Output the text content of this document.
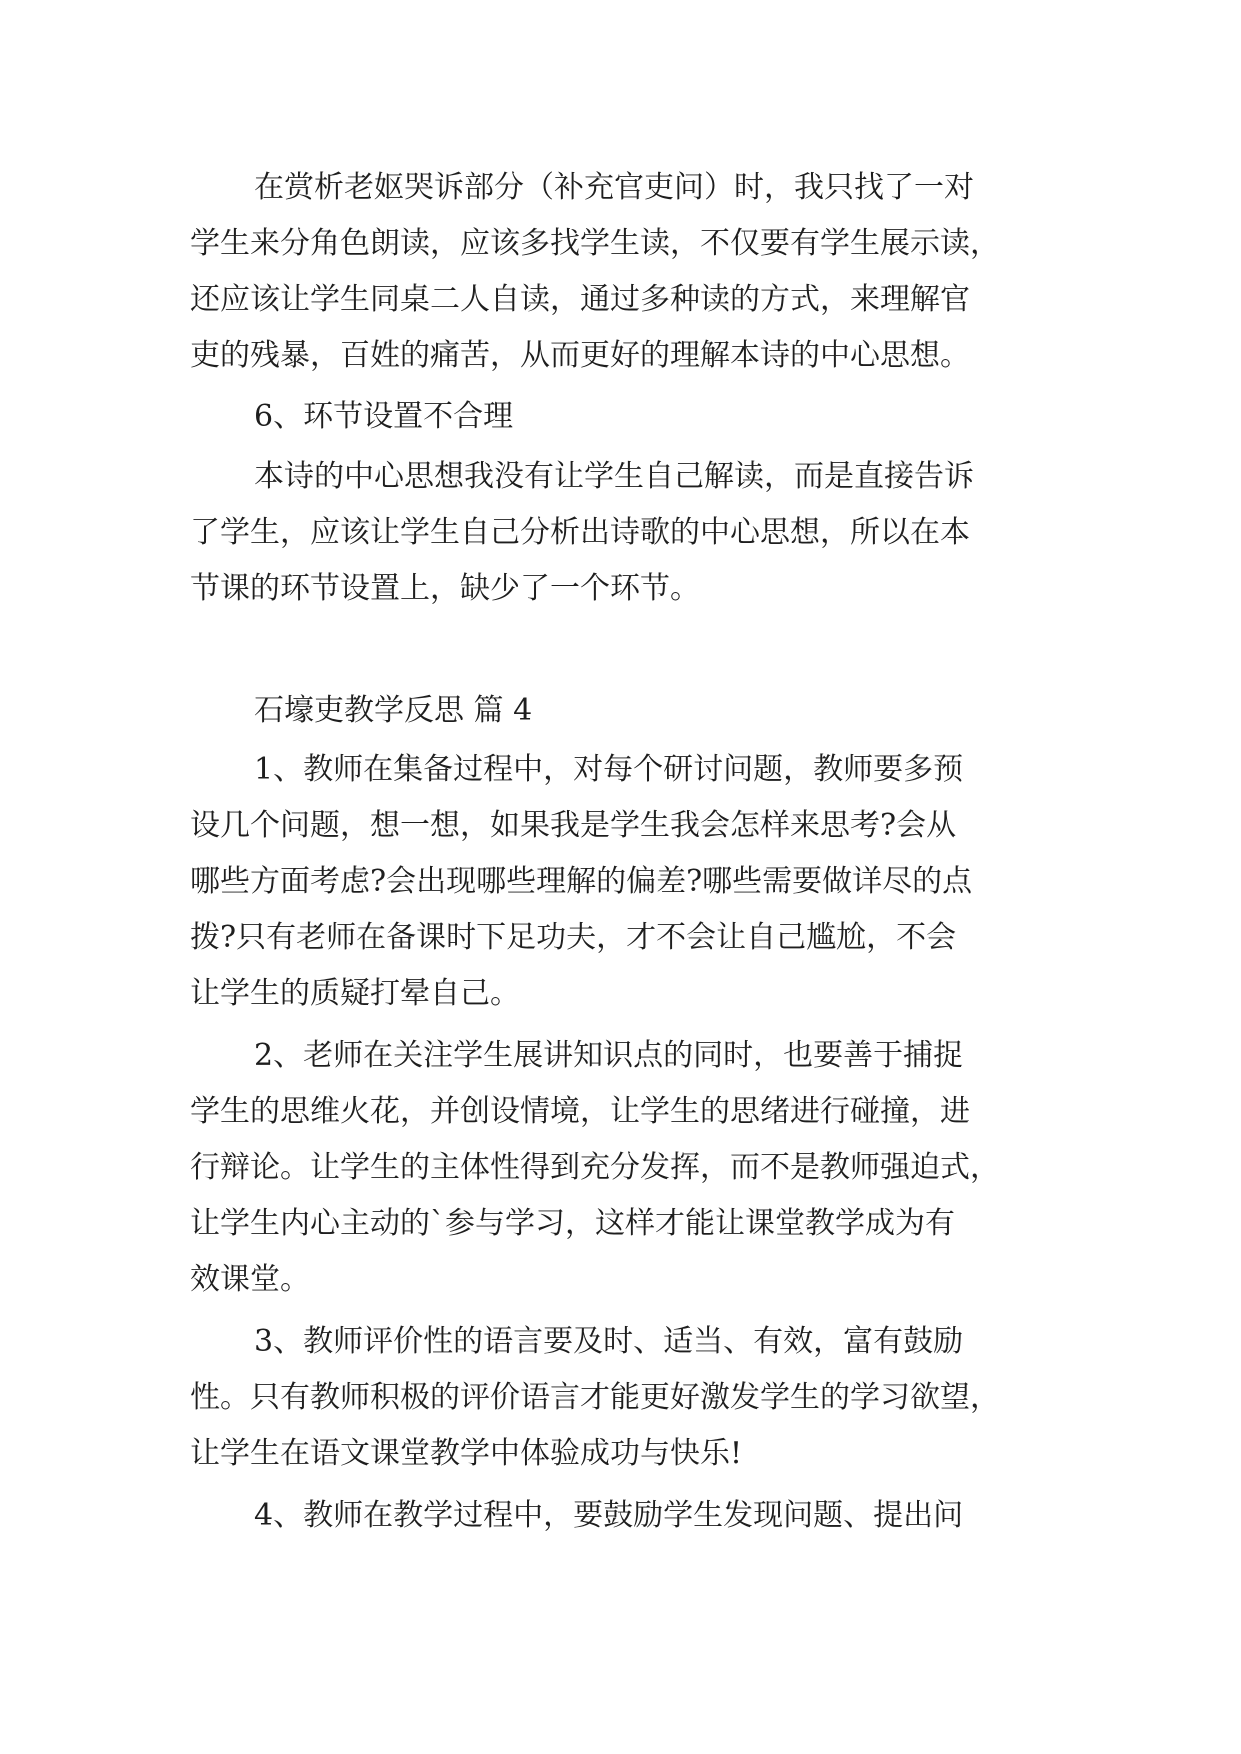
在赏析老妪哭诉部分（补充官吏问）时，我只找了一对
学生来分角色朗读，应该多找学生读，不仅要有学生展示读，
还应该让学生同桌二人自读，通过多种读的方式，来理解官
吏的残暴，百姓的痛苦，从而更好的理解本诗的中心思想。
6、环节设置不合理
本诗的中心思想我没有让学生自己解读，而是直接告诉
了学生，应该让学生自己分析出诗歌的中心思想，所以在本
节课的环节设置上，缺少了一个环节。
石壕吏教学反思 篇 4
1、教师在集备过程中，对每个研讨问题，教师要多预
设几个问题，想一想，如果我是学生我会怎样来思考?会从
哪些方面考虑?会出现哪些理解的偏差?哪些需要做详尽的点
拨?只有老师在备课时下足功夫，才不会让自己尴尬，不会
让学生的质疑打晕自己。
2、老师在关注学生展讲知识点的同时，也要善于捕捉
学生的思维火花，并创设情境，让学生的思绪进行碰撞，进
行辩论。让学生的主体性得到充分发挥，而不是教师强迫式，
让学生内心主动的`参与学习，这样才能让课堂教学成为有
效课堂。
3、教师评价性的语言要及时、适当、有效，富有鼓励
性。只有教师积极的评价语言才能更好激发学生的学习欲望，
让学生在语文课堂教学中体验成功与快乐!
4、教师在教学过程中，要鼓励学生发现问题、提出问
